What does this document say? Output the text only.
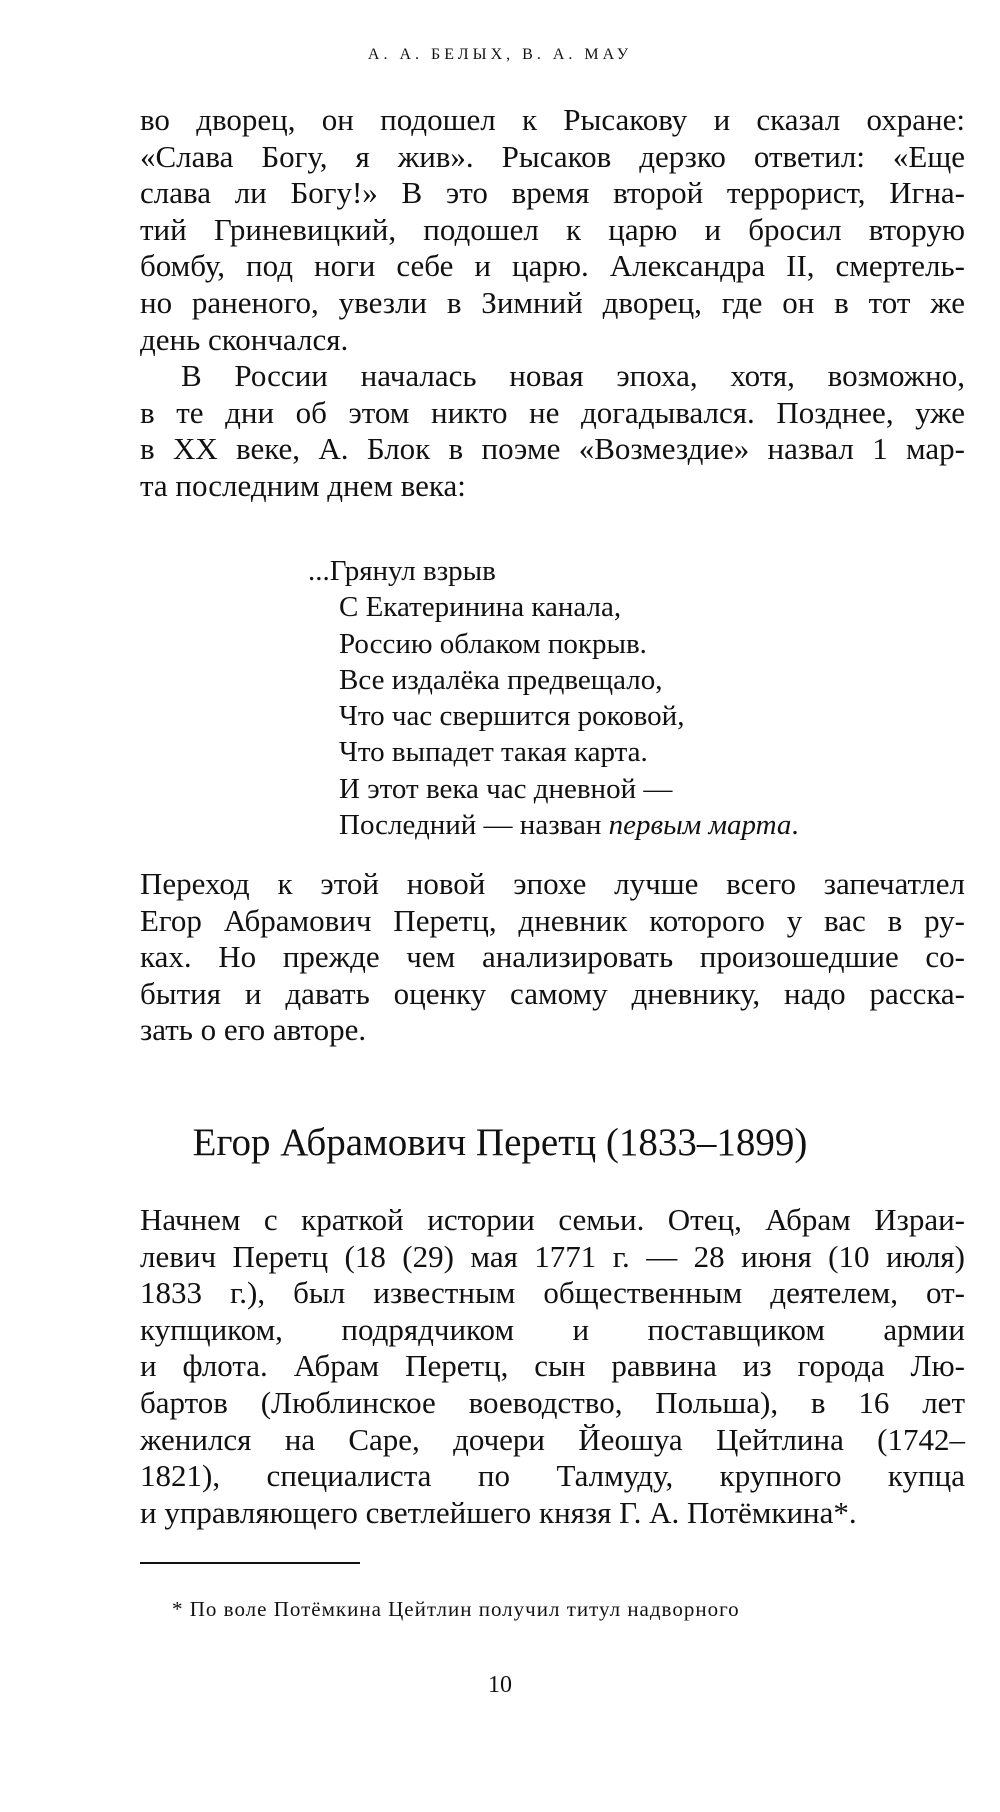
А. А. БЕЛЫХ, В. А. МАУ

во дворец, он подошел к Рысакову и сказал охране:
«Слава Богу, я жив». Рысаков дерзко ответил: «Еще
слава ли Богу!» В это время второй террорист, Игна-
тий Гриневицкий, подошел к царю и бросил вторую
бомбу, под ноги себе и царю. Александра II, смертель-
но раненого, увезли в Зимний дворец, где он в тот же
день скончался.

В России началась новая эпоха, хотя, возможно,
в те дни об этом никто не догадывался. Позднее, уже
в XX веке, А. Блок в поэме «Возмездие» назвал 1 мар-
та последним днем века:

...Грянул взрыв
С Екатеринина канала,
Россию облаком покрыв.
Все издалёка предвещало,
Что час свершится роковой,
Что выпадет такая карта.
И этот века час дневной —
Последний — назван первым марта.

Переход к этой новой эпохе лучше всего запечатлел
Егор Абрамович Перетц, дневник которого у вас в ру-
ках. Но прежде чем анализировать произошедшие со-
бытия и давать оценку самому дневнику, надо расска-
зать о его авторе.

Егор Абрамович Перетц (1833–1899)

Начнем с краткой истории семьи. Отец, Абрам Израи-
левич Перетц (18 (29) мая 1771 г. — 28 июня (10 июля)
1833 г.), был известным общественным деятелем, от-
купщиком, подрядчиком и поставщиком армии
и флота. Абрам Перетц, сын раввина из города Лю-
бартов (Люблинское воеводство, Польша), в 16 лет
женился на Саре, дочери Йеошуа Цейтлина (1742–
1821), специалиста по Талмуду, крупного купца
и управляющего светлейшего князя Г. А. Потёмкина*.

* По воле Потёмкина Цейтлин получил титул надворного
10
